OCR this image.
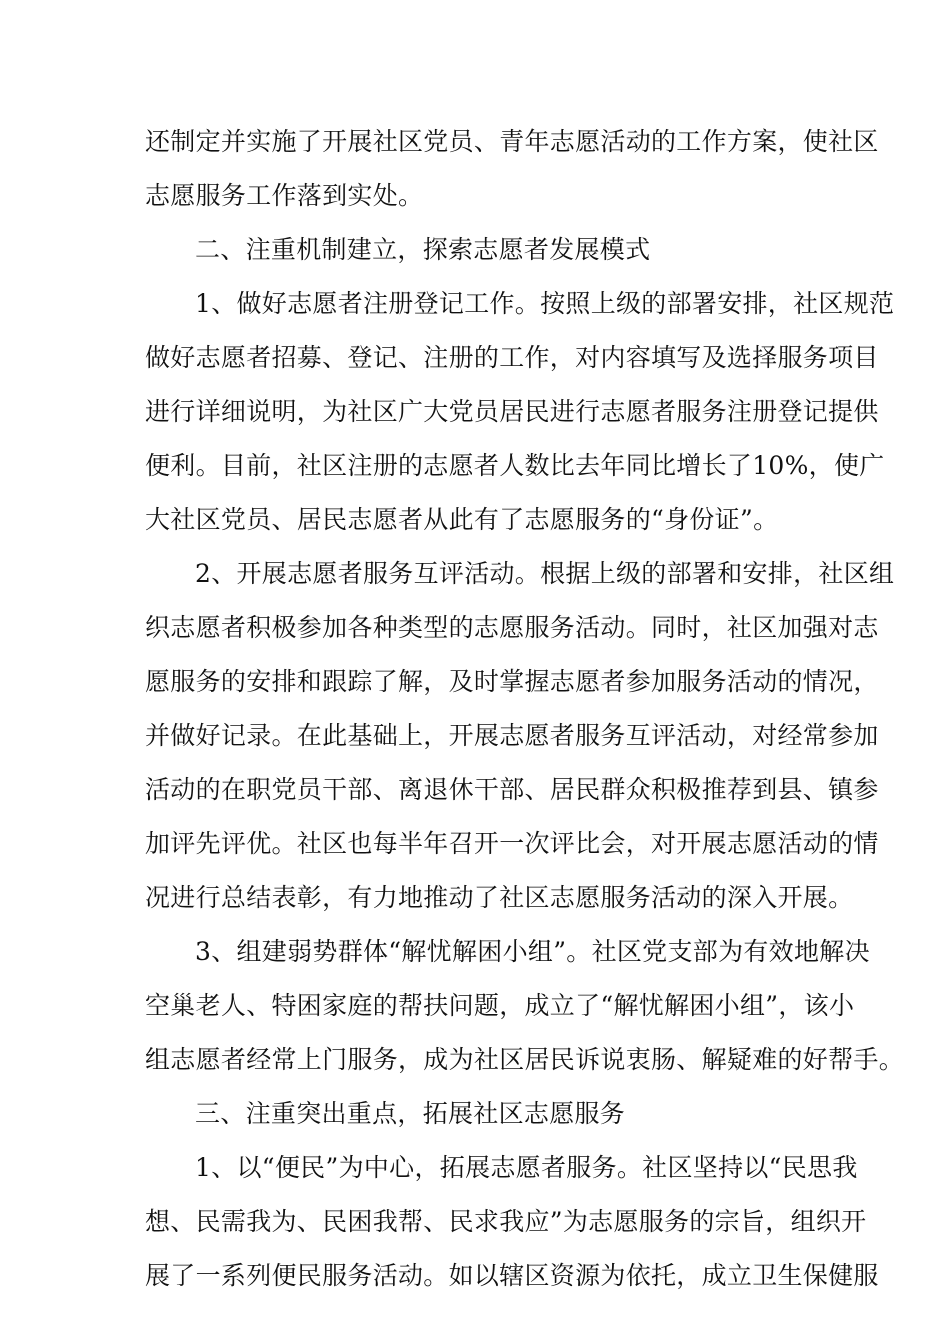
还制定并实施了开展社区党员、青年志愿活动的工作方案，使社区
志愿服务工作落到实处。
二、注重机制建立，探索志愿者发展模式
1、做好志愿者注册登记工作。按照上级的部署安排，社区规范
做好志愿者招募、登记、注册的工作，对内容填写及选择服务项目
进行详细说明，为社区广大党员居民进行志愿者服务注册登记提供
便利。目前，社区注册的志愿者人数比去年同比增长了10%，使广
大社区党员、居民志愿者从此有了志愿服务的“身份证”。
2、开展志愿者服务互评活动。根据上级的部署和安排，社区组
织志愿者积极参加各种类型的志愿服务活动。同时，社区加强对志
愿服务的安排和跟踪了解，及时掌握志愿者参加服务活动的情况，
并做好记录。在此基础上，开展志愿者服务互评活动，对经常参加
活动的在职党员干部、离退休干部、居民群众积极推荐到县、镇参
加评先评优。社区也每半年召开一次评比会，对开展志愿活动的情
况进行总结表彰，有力地推动了社区志愿服务活动的深入开展。
3、组建弱势群体“解忧解困小组”。社区党支部为有效地解决
空巢老人、特困家庭的帮扶问题，成立了“解忧解困小组”，该小
组志愿者经常上门服务，成为社区居民诉说衷肠、解疑难的好帮手。
三、注重突出重点，拓展社区志愿服务
1、以“便民”为中心，拓展志愿者服务。社区坚持以“民思我
想、民需我为、民困我帮、民求我应”为志愿服务的宗旨，组织开
展了一系列便民服务活动。如以辖区资源为依托，成立卫生保健服
